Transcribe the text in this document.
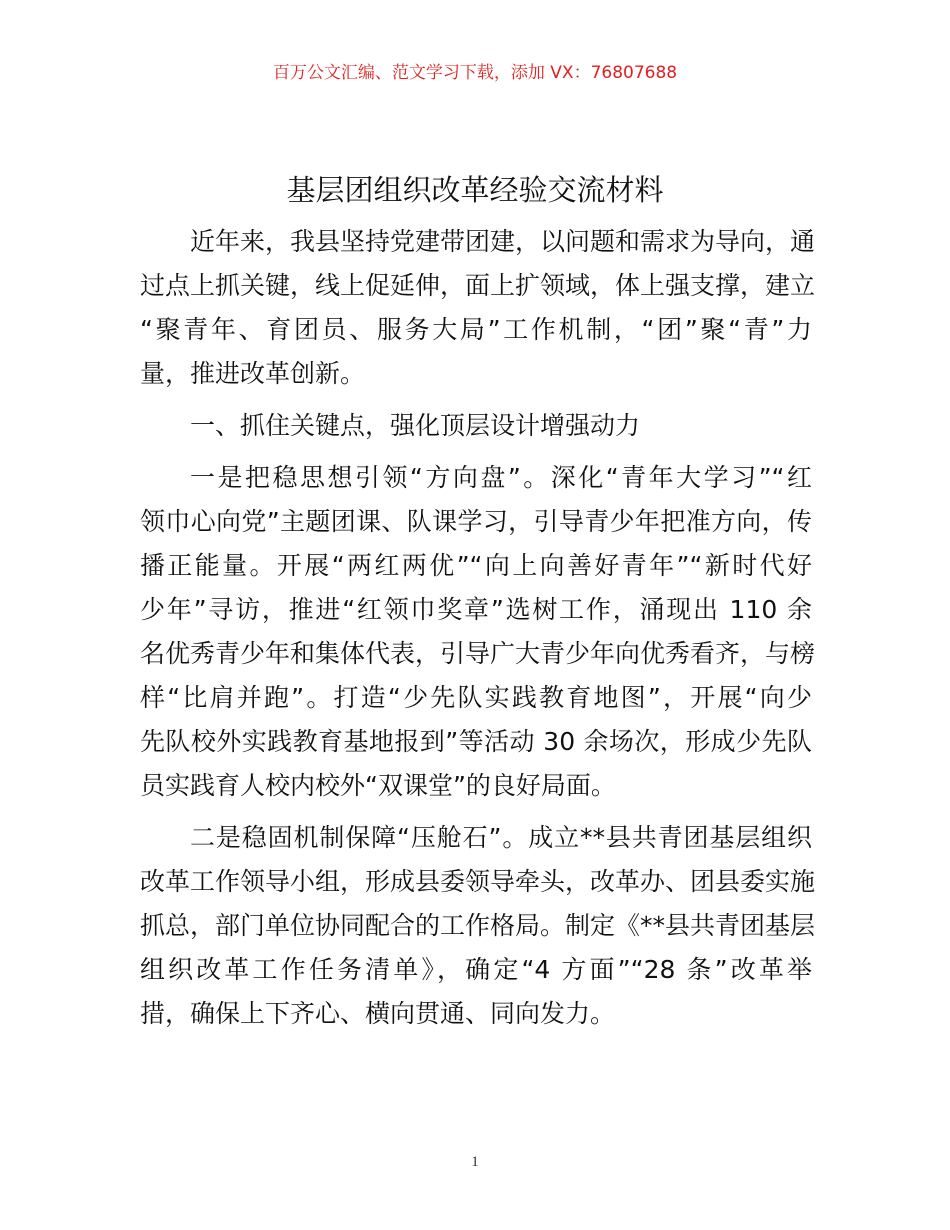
百万公文汇编、范文学习下载，添加 VX：76807688
基层团组织改革经验交流材料
近年来，我县坚持党建带团建，以问题和需求为导向，通
过点上抓关键，线上促延伸，面上扩领域，体上强支撑，建立
“聚青年、育团员、服务大局”工作机制，“团”聚“青”力
量，推进改革创新。
一、抓住关键点，强化顶层设计增强动力
一是把稳思想引领“方向盘”。深化“青年大学习”“红
领巾心向党”主题团课、队课学习，引导青少年把准方向，传
播正能量。开展“两红两优”“向上向善好青年”“新时代好
少年”寻访，推进“红领巾奖章”选树工作，涌现出 110 余
名优秀青少年和集体代表，引导广大青少年向优秀看齐，与榜
样“比肩并跑”。打造“少先队实践教育地图”，开展“向少
先队校外实践教育基地报到”等活动 30 余场次，形成少先队
员实践育人校内校外“双课堂”的良好局面。
二是稳固机制保障“压舱石”。成立**县共青团基层组织
改革工作领导小组，形成县委领导牵头，改革办、团县委实施
抓总，部门单位协同配合的工作格局。制定《**县共青团基层
组织改革工作任务清单》，确定“4 方面”“28 条”改革举
措，确保上下齐心、横向贯通、同向发力。
1
